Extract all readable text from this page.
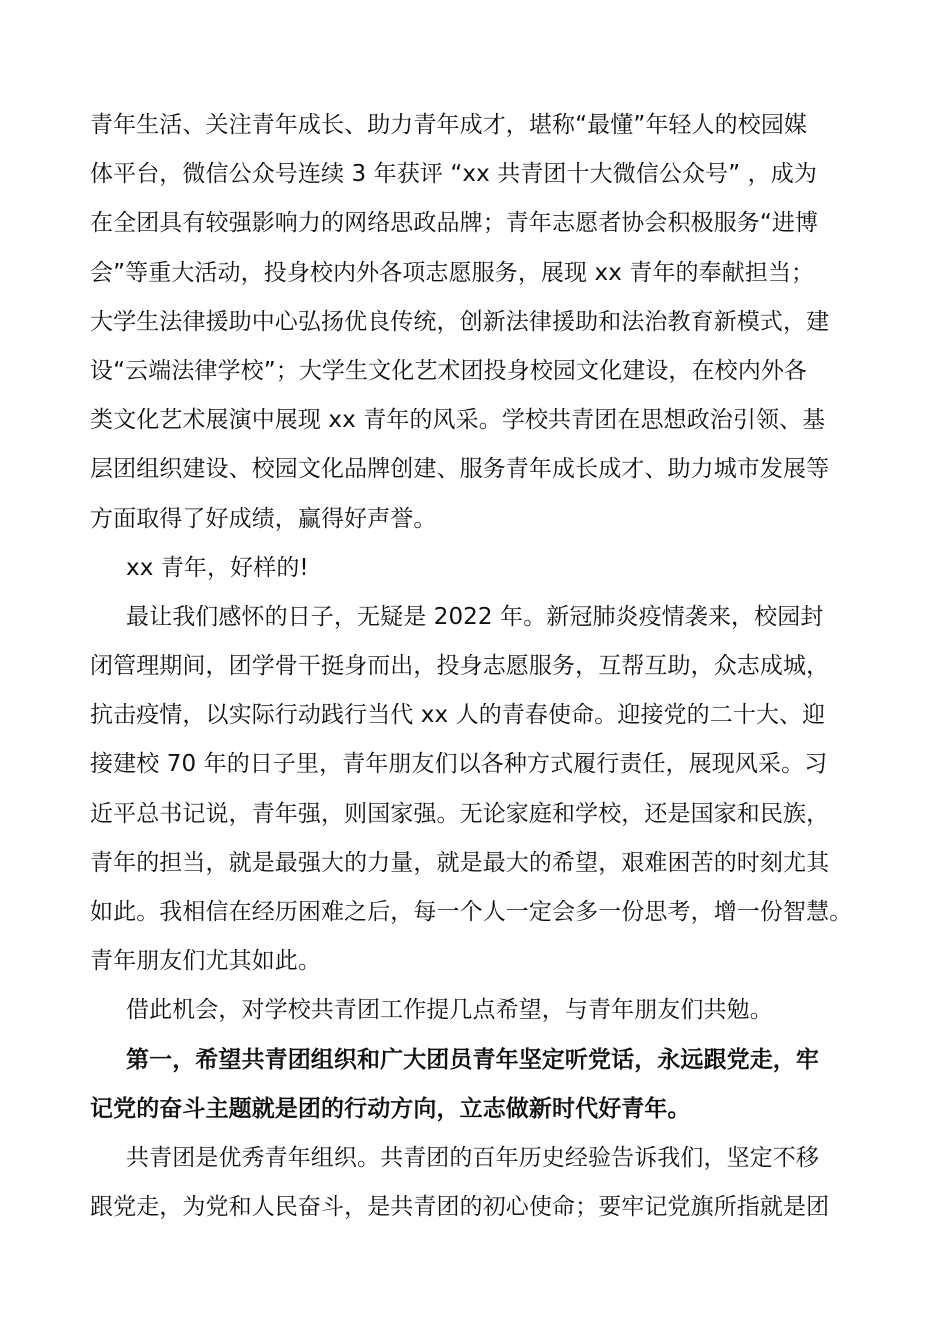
青年生活、关注青年成长、助力青年成才，堪称“最懂”年轻人的校园媒
体平台，微信公众号连续 3 年获评 “xx 共青团十大微信公众号” ，成为
在全团具有较强影响力的网络思政品牌；青年志愿者协会积极服务“进博
会”等重大活动，投身校内外各项志愿服务，展现 xx 青年的奉献担当；
大学生法律援助中心弘扬优良传统，创新法律援助和法治教育新模式，建
设“云端法律学校”；大学生文化艺术团投身校园文化建设，在校内外各
类文化艺术展演中展现 xx 青年的风采。学校共青团在思想政治引领、基
层团组织建设、校园文化品牌创建、服务青年成长成才、助力城市发展等
方面取得了好成绩，赢得好声誉。
xx 青年，好样的!
最让我们感怀的日子，无疑是 2022 年。新冠肺炎疫情袭来，校园封
闭管理期间，团学骨干挺身而出，投身志愿服务，互帮互助，众志成城，
抗击疫情，以实际行动践行当代 xx 人的青春使命。迎接党的二十大、迎
接建校 70 年的日子里，青年朋友们以各种方式履行责任，展现风采。习
近平总书记说，青年强，则国家强。无论家庭和学校，还是国家和民族，
青年的担当，就是最强大的力量，就是最大的希望，艰难困苦的时刻尤其
如此。我相信在经历困难之后，每一个人一定会多一份思考，增一份智慧。
青年朋友们尤其如此。
借此机会，对学校共青团工作提几点希望，与青年朋友们共勉。
第一，希望共青团组织和广大团员青年坚定听党话，永远跟党走，牢
记党的奋斗主题就是团的行动方向，立志做新时代好青年。
共青团是优秀青年组织。共青团的百年历史经验告诉我们，坚定不移
跟党走，为党和人民奋斗，是共青团的初心使命；要牢记党旗所指就是团
